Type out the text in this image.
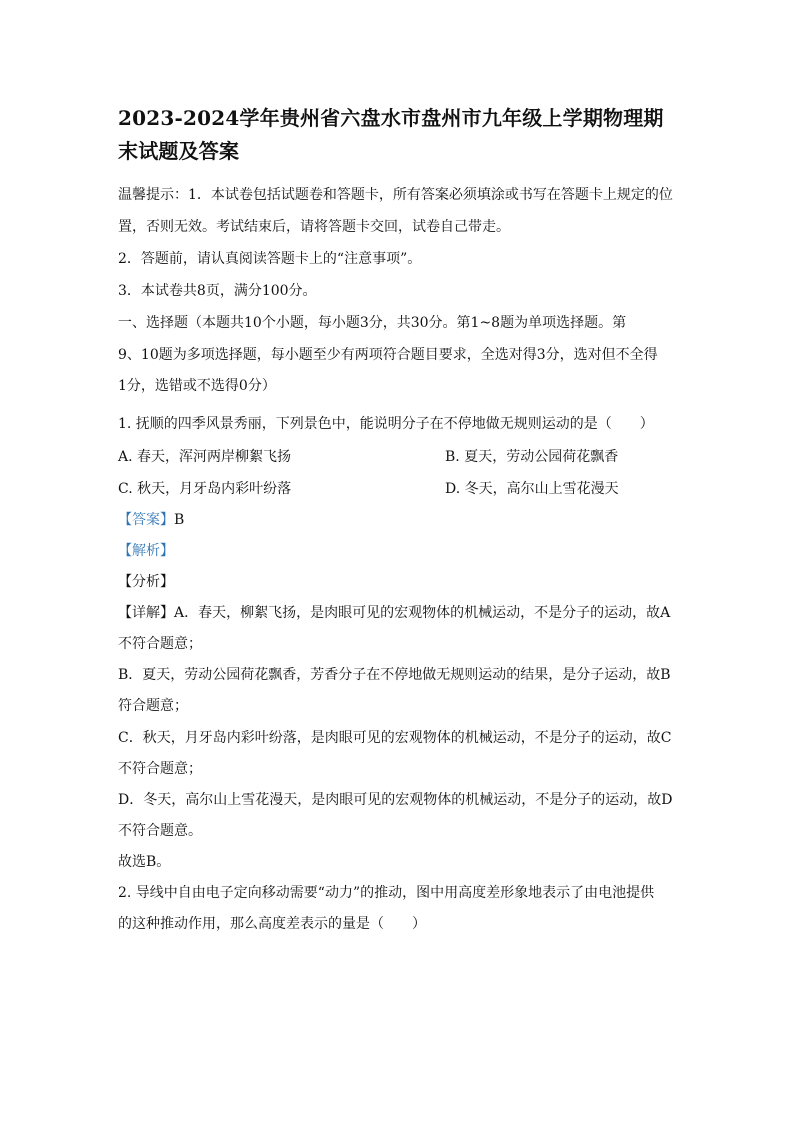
2023-2024学年贵州省六盘水市盘州市九年级上学期物理期
末试题及答案
温馨提示：1．本试卷包括试题卷和答题卡，所有答案必须填涂或书写在答题卡上规定的位
置，否则无效。考试结束后，请将答题卡交回，试卷自己带走。
2．答题前，请认真阅读答题卡上的“注意事项”。
3．本试卷共8页，满分100分。
一、选择题（本题共10个小题，每小题3分，共30分。第1~8题为单项选择题。第
9、10题为多项选择题，每小题至少有两项符合题目要求，全选对得3分，选对但不全得
1分，选错或不选得0分）
1. 抚顺的四季风景秀丽，下列景色中，能说明分子在不停地做无规则运动的是（　　）
A. 春天，浑河两岸柳絮飞扬	B. 夏天，劳动公园荷花飘香
C. 秋天，月牙岛内彩叶纷落	D. 冬天，高尔山上雪花漫天
【答案】B
【解析】
【分析】
【详解】A．春天，柳絮飞扬，是肉眼可见的宏观物体的机械运动，不是分子的运动，故A
不符合题意；
B．夏天，劳动公园荷花飘香，芳香分子在不停地做无规则运动的结果，是分子运动，故B
符合题意；
C．秋天，月牙岛内彩叶纷落，是肉眼可见的宏观物体的机械运动，不是分子的运动，故C
不符合题意；
D．冬天，高尔山上雪花漫天，是肉眼可见的宏观物体的机械运动，不是分子的运动，故D
不符合题意。
故选B。
2. 导线中自由电子定向移动需要“动力”的推动，图中用高度差形象地表示了由电池提供
的这种推动作用，那么高度差表示的量是（　　）
